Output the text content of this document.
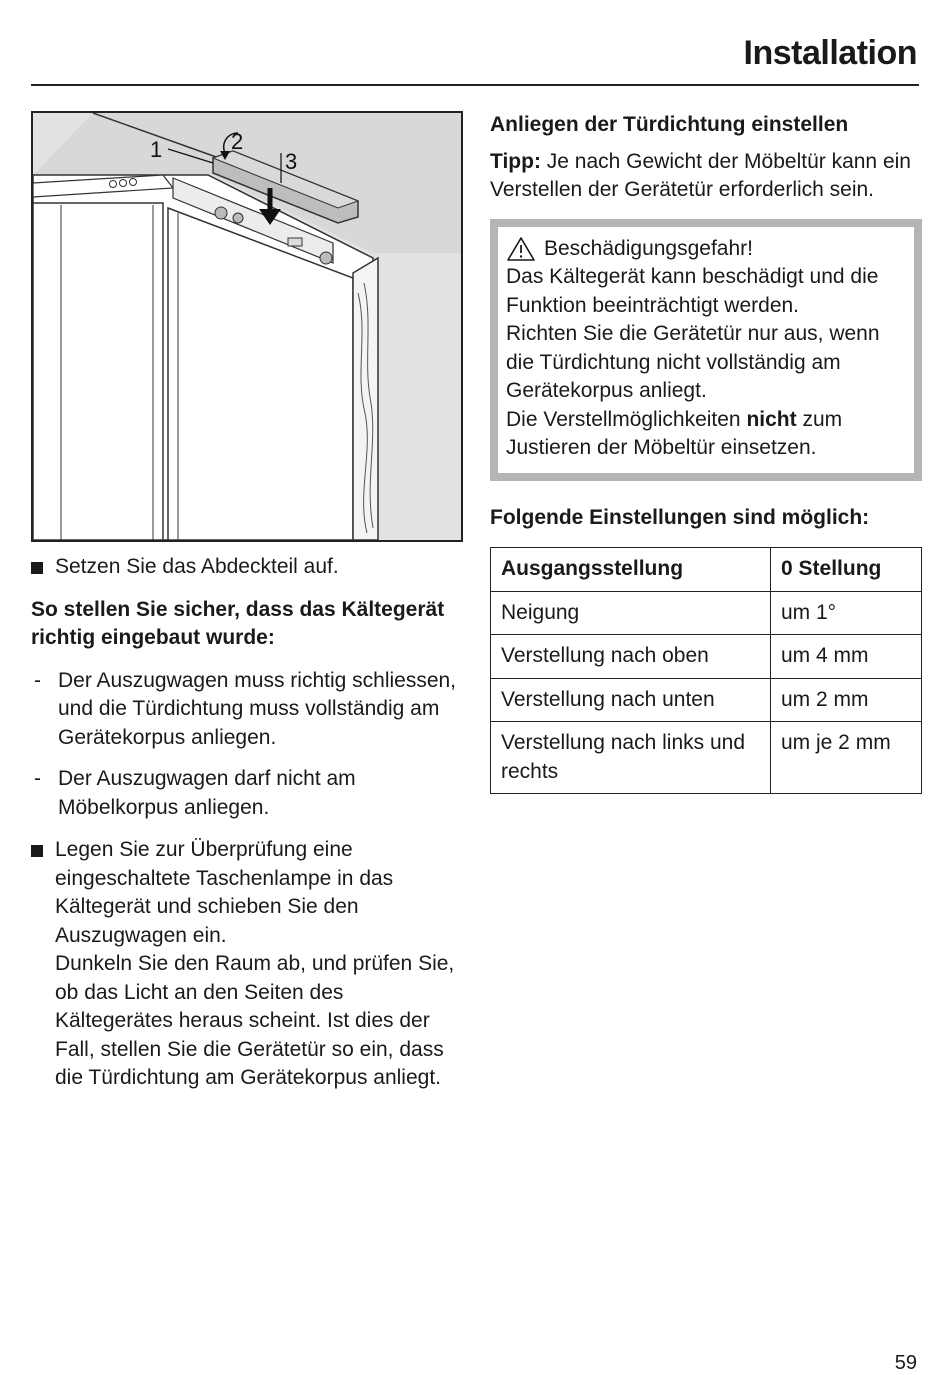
Installation
1	2
3
Setzen Sie das Abdeckteil auf.
So stellen Sie sicher, dass das Kältegerät richtig eingebaut wurde:
- Der Auszugwagen muss richtig schliessen, und die Türdichtung muss vollständig am Gerätekorpus anliegen.
- Der Auszugwagen darf nicht am Möbelkorpus anliegen.
Legen Sie zur Überprüfung eine eingeschaltete Taschenlampe in das Kältegerät und schieben Sie den Auszugwagen ein.
Dunkeln Sie den Raum ab, und prüfen Sie, ob das Licht an den Seiten des Kältegerätes heraus scheint. Ist dies der Fall, stellen Sie die Gerätetür so ein, dass die Türdichtung am Gerätekorpus anliegt.
Anliegen der Türdichtung einstellen
Tipp: Je nach Gewicht der Möbeltür kann ein Verstellen der Gerätetür erforderlich sein.
Beschädigungsgefahr!
Das Kältegerät kann beschädigt und die Funktion beeinträchtigt werden.
Richten Sie die Gerätetür nur aus, wenn die Türdichtung nicht vollständig am Gerätekorpus anliegt.
Die Verstellmöglichkeiten nicht zum Justieren der Möbeltür einsetzen.
Folgende Einstellungen sind möglich:
Ausgangsstellung	0 Stellung
Neigung	um 1°
Verstellung nach oben	um 4 mm
Verstellung nach unten	um 2 mm
Verstellung nach links und rechts	um je 2 mm
59
